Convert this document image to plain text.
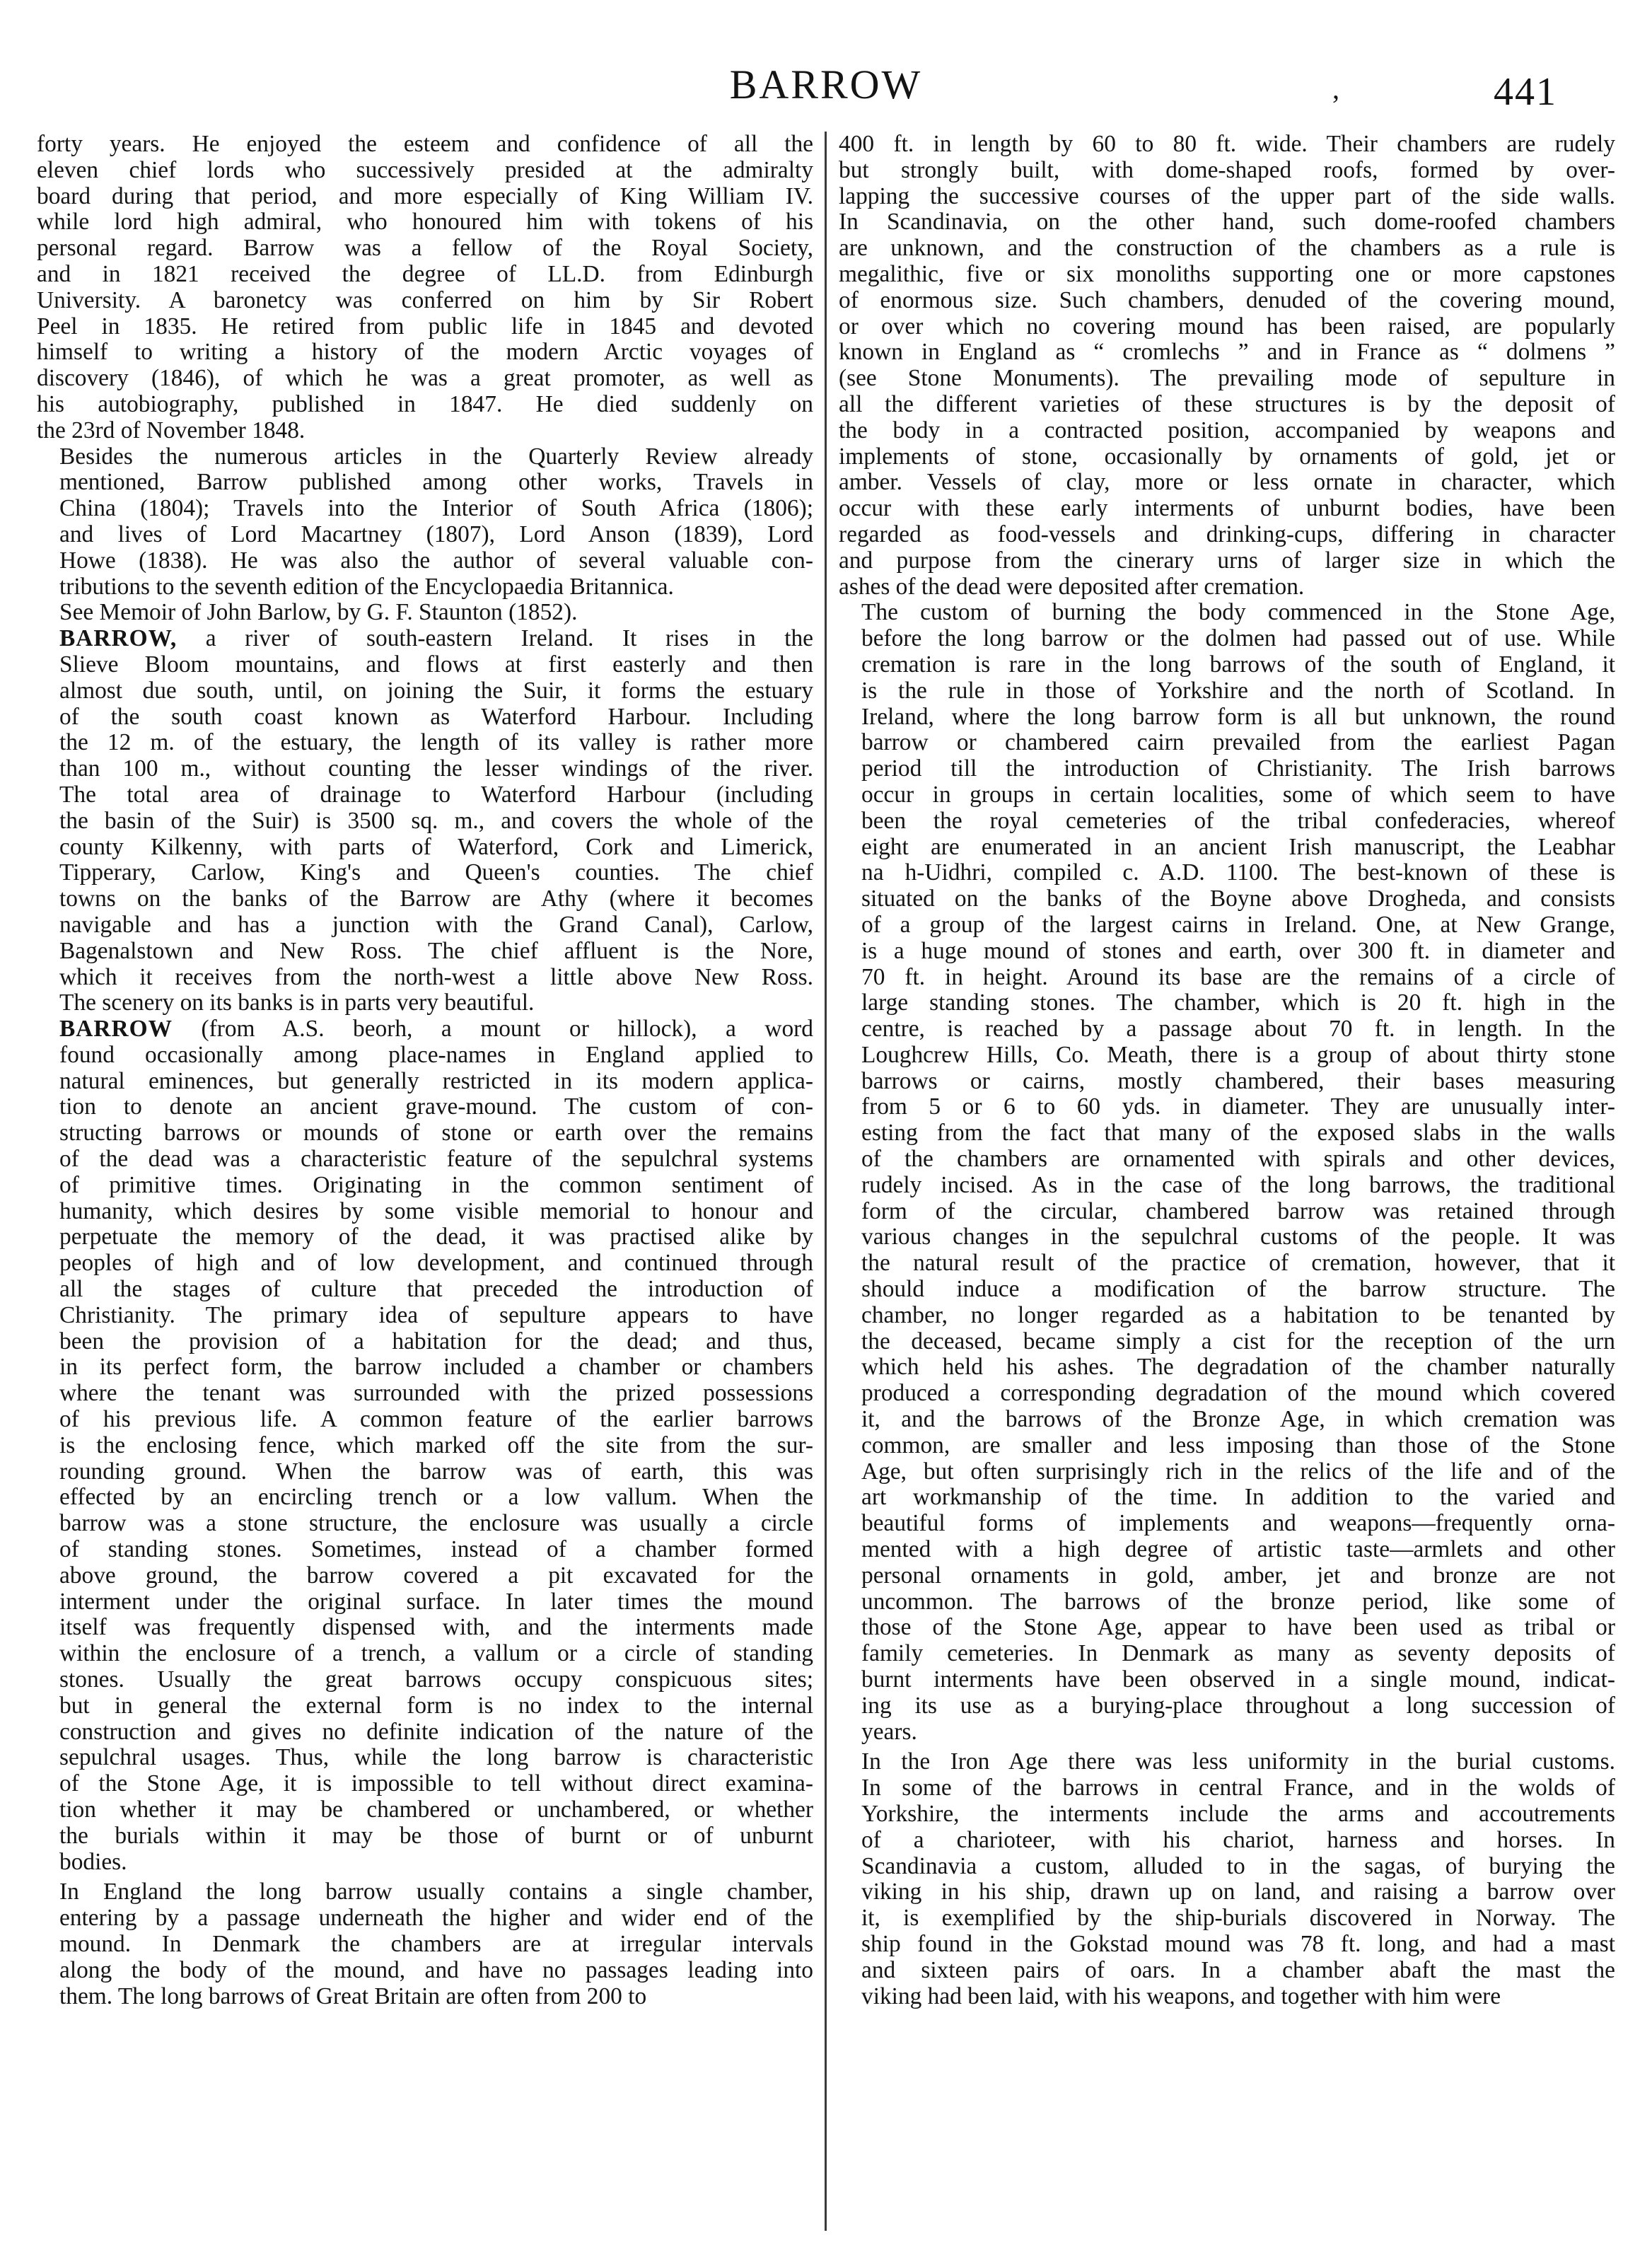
BARROW	,	441

forty years. He enjoyed the esteem and confidence of all the
eleven chief lords who successively presided at the admiralty
board during that period, and more especially of King William IV.
while lord high admiral, who honoured him with tokens of his
personal regard. Barrow was a fellow of the Royal Society,
and in 1821 received the degree of LL.D. from Edinburgh
University. A baronetcy was conferred on him by Sir Robert
Peel in 1835. He retired from public life in 1845 and devoted
himself to writing a history of the modern Arctic voyages of
discovery (1846), of which he was a great promoter, as well as
his autobiography, published in 1847. He died suddenly on
the 23rd of November 1848.

Besides the numerous articles in the Quarterly Review already
mentioned, Barrow published among other works, Travels in
China (1804); Travels into the Interior of South Africa (1806);
and lives of Lord Macartney (1807), Lord Anson (1839), Lord
Howe (1838). He was also the author of several valuable con-
tributions to the seventh edition of the Encyclopaedia Britannica.

See Memoir of John Barlow, by G. F. Staunton (1852).

BARROW, a river of south-eastern Ireland. It rises in the
Slieve Bloom mountains, and flows at first easterly and then
almost due south, until, on joining the Suir, it forms the estuary
of the south coast known as Waterford Harbour. Including
the 12 m. of the estuary, the length of its valley is rather more
than 100 m., without counting the lesser windings of the river.
The total area of drainage to Waterford Harbour (including
the basin of the Suir) is 3500 sq. m., and covers the whole of the
county Kilkenny, with parts of Waterford, Cork and Limerick,
Tipperary, Carlow, King's and Queen's counties. The chief
towns on the banks of the Barrow are Athy (where it becomes
navigable and has a junction with the Grand Canal), Carlow,
Bagenalstown and New Ross. The chief affluent is the Nore,
which it receives from the north-west a little above New Ross.
The scenery on its banks is in parts very beautiful.

BARROW (from A.S. beorh, a mount or hillock), a word
found occasionally among place-names in England applied to
natural eminences, but generally restricted in its modern applica-
tion to denote an ancient grave-mound. The custom of con-
structing barrows or mounds of stone or earth over the remains
of the dead was a characteristic feature of the sepulchral systems
of primitive times. Originating in the common sentiment of
humanity, which desires by some visible memorial to honour and
perpetuate the memory of the dead, it was practised alike by
peoples of high and of low development, and continued through
all the stages of culture that preceded the introduction of
Christianity. The primary idea of sepulture appears to have
been the provision of a habitation for the dead; and thus,
in its perfect form, the barrow included a chamber or chambers
where the tenant was surrounded with the prized possessions
of his previous life. A common feature of the earlier barrows
is the enclosing fence, which marked off the site from the sur-
rounding ground. When the barrow was of earth, this was
effected by an encircling trench or a low vallum. When the
barrow was a stone structure, the enclosure was usually a circle
of standing stones. Sometimes, instead of a chamber formed
above ground, the barrow covered a pit excavated for the
interment under the original surface. In later times the mound
itself was frequently dispensed with, and the interments made
within the enclosure of a trench, a vallum or a circle of standing
stones. Usually the great barrows occupy conspicuous sites;
but in general the external form is no index to the internal
construction and gives no definite indication of the nature of the
sepulchral usages. Thus, while the long barrow is characteristic
of the Stone Age, it is impossible to tell without direct examina-
tion whether it may be chambered or unchambered, or whether
the burials within it may be those of burnt or of unburnt
bodies.

In England the long barrow usually contains a single chamber,
entering by a passage underneath the higher and wider end of the
mound. In Denmark the chambers are at irregular intervals
along the body of the mound, and have no passages leading into
them. The long barrows of Great Britain are often from 200 to

400 ft. in length by 60 to 80 ft. wide. Their chambers are rudely
but strongly built, with dome-shaped roofs, formed by over-
lapping the successive courses of the upper part of the side walls.
In Scandinavia, on the other hand, such dome-roofed chambers
are unknown, and the construction of the chambers as a rule is
megalithic, five or six monoliths supporting one or more capstones
of enormous size. Such chambers, denuded of the covering mound,
or over which no covering mound has been raised, are popularly
known in England as “ cromlechs ” and in France as “ dolmens ”
(see Stone Monuments). The prevailing mode of sepulture in
all the different varieties of these structures is by the deposit of
the body in a contracted position, accompanied by weapons and
implements of stone, occasionally by ornaments of gold, jet or
amber. Vessels of clay, more or less ornate in character, which
occur with these early interments of unburnt bodies, have been
regarded as food-vessels and drinking-cups, differing in character
and purpose from the cinerary urns of larger size in which the
ashes of the dead were deposited after cremation.

The custom of burning the body commenced in the Stone Age,
before the long barrow or the dolmen had passed out of use. While
cremation is rare in the long barrows of the south of England, it
is the rule in those of Yorkshire and the north of Scotland. In
Ireland, where the long barrow form is all but unknown, the round
barrow or chambered cairn prevailed from the earliest Pagan
period till the introduction of Christianity. The Irish barrows
occur in groups in certain localities, some of which seem to have
been the royal cemeteries of the tribal confederacies, whereof
eight are enumerated in an ancient Irish manuscript, the Leabhar
na h-Uidhri, compiled c. A.D. 1100. The best-known of these is
situated on the banks of the Boyne above Drogheda, and consists
of a group of the largest cairns in Ireland. One, at New Grange,
is a huge mound of stones and earth, over 300 ft. in diameter and
70 ft. in height. Around its base are the remains of a circle of
large standing stones. The chamber, which is 20 ft. high in the
centre, is reached by a passage about 70 ft. in length. In the
Loughcrew Hills, Co. Meath, there is a group of about thirty stone
barrows or cairns, mostly chambered, their bases measuring
from 5 or 6 to 60 yds. in diameter. They are unusually inter-
esting from the fact that many of the exposed slabs in the walls
of the chambers are ornamented with spirals and other devices,
rudely incised. As in the case of the long barrows, the traditional
form of the circular, chambered barrow was retained through
various changes in the sepulchral customs of the people. It was
the natural result of the practice of cremation, however, that it
should induce a modification of the barrow structure. The
chamber, no longer regarded as a habitation to be tenanted by
the deceased, became simply a cist for the reception of the urn
which held his ashes. The degradation of the chamber naturally
produced a corresponding degradation of the mound which covered
it, and the barrows of the Bronze Age, in which cremation was
common, are smaller and less imposing than those of the Stone
Age, but often surprisingly rich in the relics of the life and of the
art workmanship of the time. In addition to the varied and
beautiful forms of implements and weapons—frequently orna-
mented with a high degree of artistic taste—armlets and other
personal ornaments in gold, amber, jet and bronze are not
uncommon. The barrows of the bronze period, like some of
those of the Stone Age, appear to have been used as tribal or
family cemeteries. In Denmark as many as seventy deposits of
burnt interments have been observed in a single mound, indicat-
ing its use as a burying-place throughout a long succession of
years.

In the Iron Age there was less uniformity in the burial customs.
In some of the barrows in central France, and in the wolds of
Yorkshire, the interments include the arms and accoutrements
of a charioteer, with his chariot, harness and horses. In
Scandinavia a custom, alluded to in the sagas, of burying the
viking in his ship, drawn up on land, and raising a barrow over
it, is exemplified by the ship-burials discovered in Norway. The
ship found in the Gokstad mound was 78 ft. long, and had a mast
and sixteen pairs of oars. In a chamber abaft the mast the
viking had been laid, with his weapons, and together with him were
